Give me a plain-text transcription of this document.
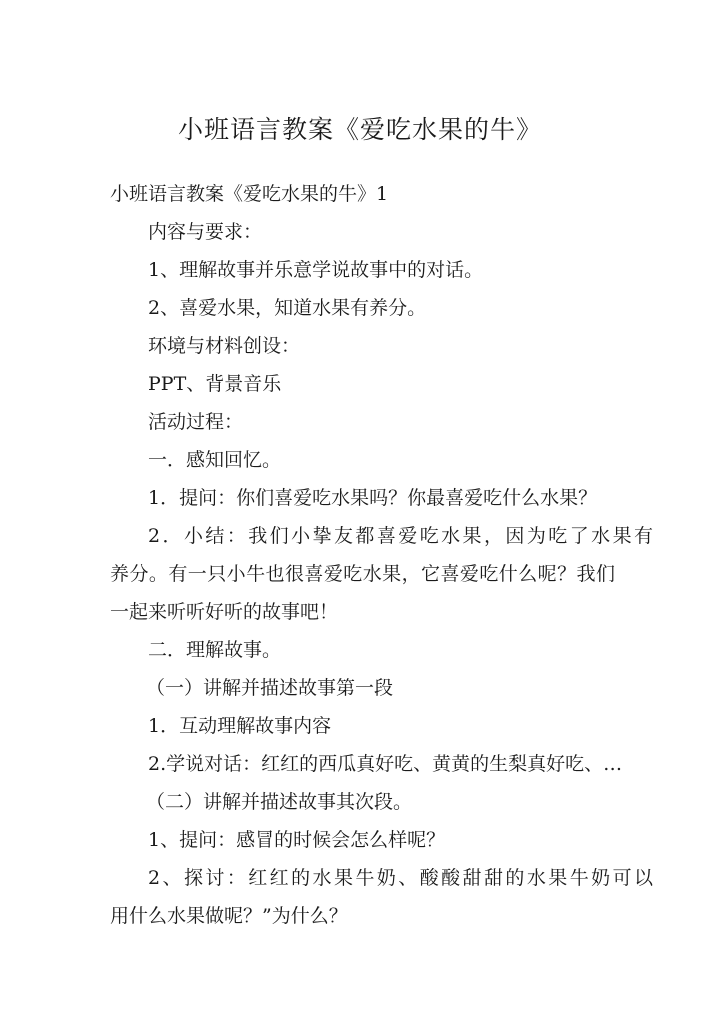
小班语言教案《爱吃水果的牛》
小班语言教案《爱吃水果的牛》1
内容与要求：
1、理解故事并乐意学说故事中的对话。
2、喜爱水果，知道水果有养分。
环境与材料创设：
PPT、背景音乐
活动过程：
一．感知回忆。
1．提问：你们喜爱吃水果吗？你最喜爱吃什么水果？
2．小结：我们小挚友都喜爱吃水果，因为吃了水果有
养分。有一只小牛也很喜爱吃水果，它喜爱吃什么呢？我们
一起来听听好听的故事吧！
二．理解故事。
（一）讲解并描述故事第一段
1．互动理解故事内容
2.学说对话：红红的西瓜真好吃、黄黄的生梨真好吃、…
（二）讲解并描述故事其次段。
1、提问：感冒的时候会怎么样呢？
2、探讨：红红的水果牛奶、酸酸甜甜的水果牛奶可以
用什么水果做呢？”为什么？
